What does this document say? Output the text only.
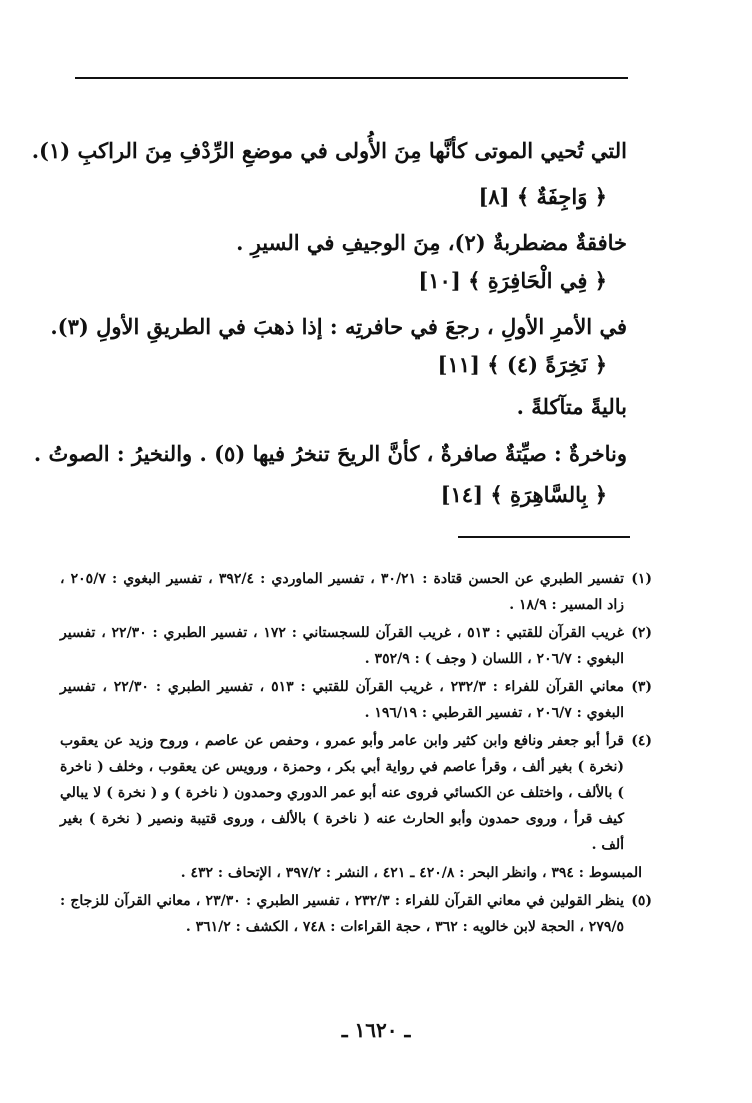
التي تُحيي الموتى كأنَّها مِنَ الأُولى في موضعِ الرِّدْفِ مِنَ الراكبِ (١).
﴿ وَاجِفَةٌ ﴾ [٨]
خافقةٌ مضطربةٌ (٢)، مِنَ الوجيفِ في السيرِ .
﴿ فِي الْحَافِرَةِ ﴾ [١٠]
في الأمرِ الأولِ ، رجعَ في حافرتِه : إذا ذهبَ في الطريقِ الأولِ (٣).
﴿ نَخِرَةً (٤) ﴾ [١١]
باليةً متآكلةً .
وناخرةٌ : صيِّتةٌ صافرةٌ ، كأنَّ الريحَ تنخرُ فيها (٥) . والنخيرُ : الصوتُ .
﴿ بِالسَّاهِرَةِ ﴾ [١٤]
(١)
تفسير الطبري عن الحسن قتادة : ٣٠/٢١ ، تفسير الماوردي : ٣٩٢/٤ ، تفسير البغوي : ٢٠٥/٧ ، زاد المسير : ١٨/٩ .
(٢)
غريب القرآن للقتبي : ٥١٣ ، غريب القرآن للسجستاني : ١٧٢ ، تفسير الطبري : ٢٢/٣٠ ، تفسير البغوي : ٢٠٦/٧ ، اللسان ( وجف ) : ٣٥٢/٩ .
(٣)
معاني القرآن للفراء : ٢٣٢/٣ ، غريب القرآن للقتبي : ٥١٣ ، تفسير الطبري : ٢٢/٣٠ ، تفسير البغوي : ٢٠٦/٧ ، تفسير القرطبي : ١٩٦/١٩ .
(٤)
قرأ أبو جعفر ونافع وابن كثير وابن عامر وأبو عمرو ، وحفص عن عاصم ، وروح وزيد عن يعقوب (نخرة ) بغير ألف ، وقرأ عاصم في رواية أبي بكر ، وحمزة ، ورويس عن يعقوب ، وخلف ( ناخرة ) بالألف ، واختلف عن الكسائي فروى عنه أبو عمر الدوري وحمدون ( ناخرة ) و ( نخرة ) لا يبالي كيف قرأ ، وروى حمدون وأبو الحارث عنه ( ناخرة ) بالألف ، وروى قتيبة ونصير ( نخرة ) بغير ألف .
المبسوط : ٣٩٤ ، وانظر البحر : ٤٢٠/٨ ـ ٤٢١ ، النشر : ٣٩٧/٢ ، الإتحاف : ٤٣٢ .
(٥)
ينظر القولين في معاني القرآن للفراء : ٢٣٢/٣ ، تفسير الطبري : ٢٣/٣٠ ، معاني القرآن للزجاج : ٢٧٩/٥ ، الحجة لابن خالويه : ٣٦٢ ، حجة القراءات : ٧٤٨ ، الكشف : ٣٦١/٢ .
ـ ١٦٢٠ ـ
